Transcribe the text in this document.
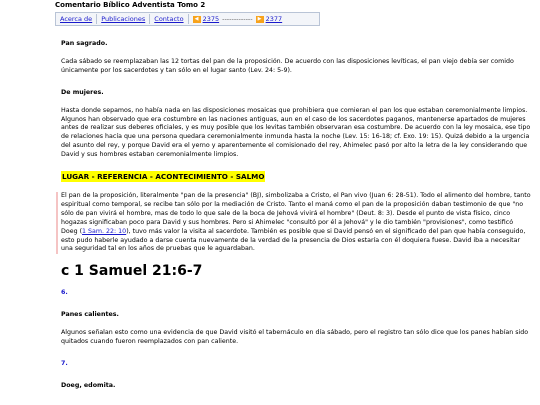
Comentario Bíblico Adventista Tomo 2
Acerca de	Publicaciones	Contacto	◀ 2375 -------------	▶ 2377

Pan sagrado.

Cada sábado se reemplazaban las 12 tortas del pan de la proposición. De acuerdo con las disposiciones levíticas, el pan viejo debía ser comido únicamente por los sacerdotes y tan sólo en el lugar santo (Lev. 24: 5-9).

De mujeres.

Hasta donde sepamos, no había nada en las disposiciones mosaicas que prohibiera que comieran el pan los que estaban ceremonialmente limpios. Algunos han observado que era costumbre en las naciones antiguas, aun en el caso de los sacerdotes paganos, mantenerse apartados de mujeres antes de realizar sus deberes oficiales, y es muy posible que los levitas también observaran esa costumbre. De acuerdo con la ley mosaica, ese tipo de relaciones hacía que una persona quedara ceremonialmente inmunda hasta la noche (Lev. 15: 16-18; cf. Exo. 19: 15). Quizá debido a la urgencia del asunto del rey, y porque David era el yerno y aparentemente el comisionado del rey, Ahimelec pasó por alto la letra de la ley considerando que David y sus hombres estaban ceremonialmente limpios.

LUGAR - REFERENCIA - ACONTECIMIENTO - SALMO

El pan de la proposición, literalmente "pan de la presencia" (BJ), simbolizaba a Cristo, el Pan vivo (Juan 6: 28-51). Todo el alimento del hombre, tanto espiritual como temporal, se recibe tan sólo por la mediación de Cristo. Tanto el maná como el pan de la proposición daban testimonio de que "no sólo de pan vivirá el hombre, mas de todo lo que sale de la boca de Jehová vivirá el hombre" (Deut. 8: 3). Desde el punto de vista físico, cinco hogazas significaban poco para David y sus hombres. Pero si Ahimelec "consultó por él a Jehová" y le dio también "provisiones", como testificó Doeg (1 Sam. 22: 10), tuvo más valor la visita al sacerdote. También es posible que si David pensó en el significado del pan que había conseguido, esto pudo haberle ayudado a darse cuenta nuevamente de la verdad de la presencia de Dios estaría con él doquiera fuese. David iba a necesitar una seguridad tal en los años de pruebas que le aguardaban.

c 1 Samuel 21:6-7

6.

Panes calientes.

Algunos señalan esto como una evidencia de que David visitó el tabernáculo en día sábado, pero el registro tan sólo dice que los panes habían sido quitados cuando fueron reemplazados con pan caliente.

7.

Doeg, edomita.
